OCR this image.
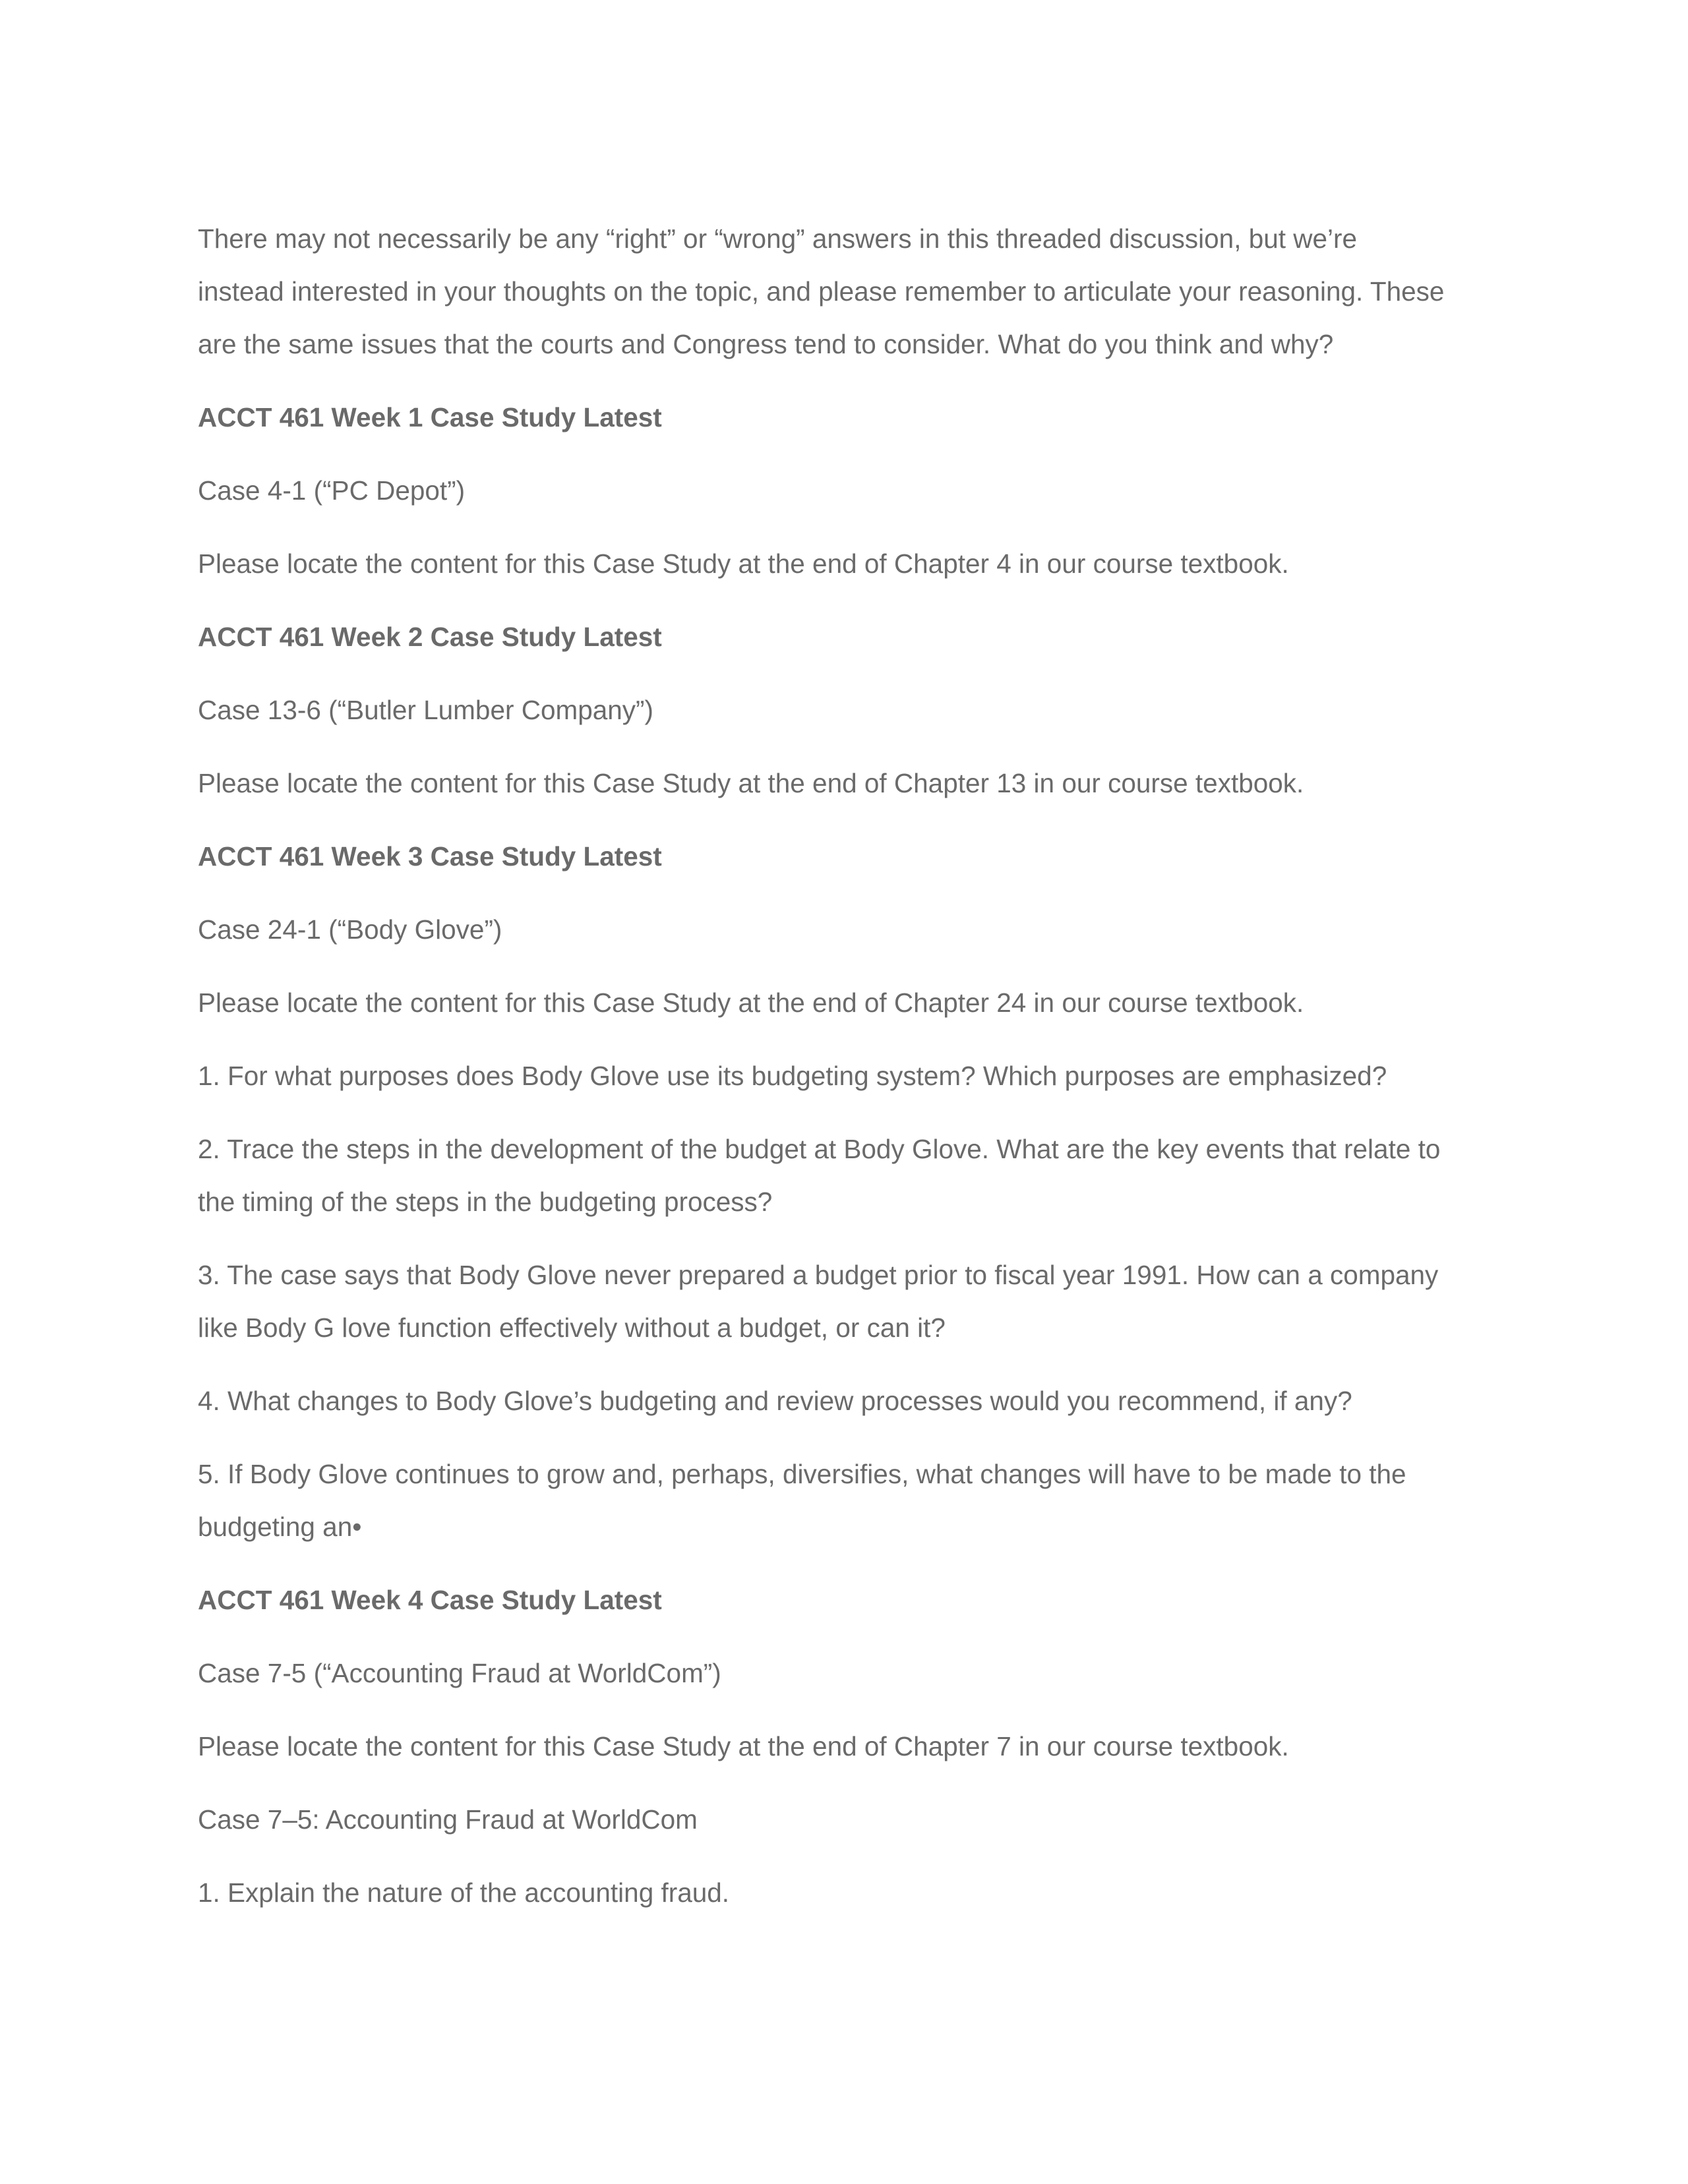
There may not necessarily be any “right” or “wrong” answers in this threaded discussion, but we’re
instead interested in your thoughts on the topic, and please remember to articulate your reasoning. These
are the same issues that the courts and Congress tend to consider. What do you think and why?

ACCT 461 Week 1 Case Study Latest

Case 4-1 (“PC Depot”)

Please locate the content for this Case Study at the end of Chapter 4 in our course textbook.

ACCT 461 Week 2 Case Study Latest

Case 13-6 (“Butler Lumber Company”)

Please locate the content for this Case Study at the end of Chapter 13 in our course textbook.

ACCT 461 Week 3 Case Study Latest

Case 24-1 (“Body Glove”)

Please locate the content for this Case Study at the end of Chapter 24 in our course textbook.

1. For what purposes does Body Glove use its budgeting system? Which purposes are emphasized?

2. Trace the steps in the development of the budget at Body Glove. What are the key events that relate to
the timing of the steps in the budgeting process?

3. The case says that Body Glove never prepared a budget prior to fiscal year 1991. How can a company
like Body G love function effectively without a budget, or can it?

4. What changes to Body Glove’s budgeting and review processes would you recommend, if any?

5. If Body Glove continues to grow and, perhaps, diversifies, what changes will have to be made to the
budgeting an•

ACCT 461 Week 4 Case Study Latest

Case 7-5 (“Accounting Fraud at WorldCom”)

Please locate the content for this Case Study at the end of Chapter 7 in our course textbook.

Case 7–5: Accounting Fraud at WorldCom

1. Explain the nature of the accounting fraud.
